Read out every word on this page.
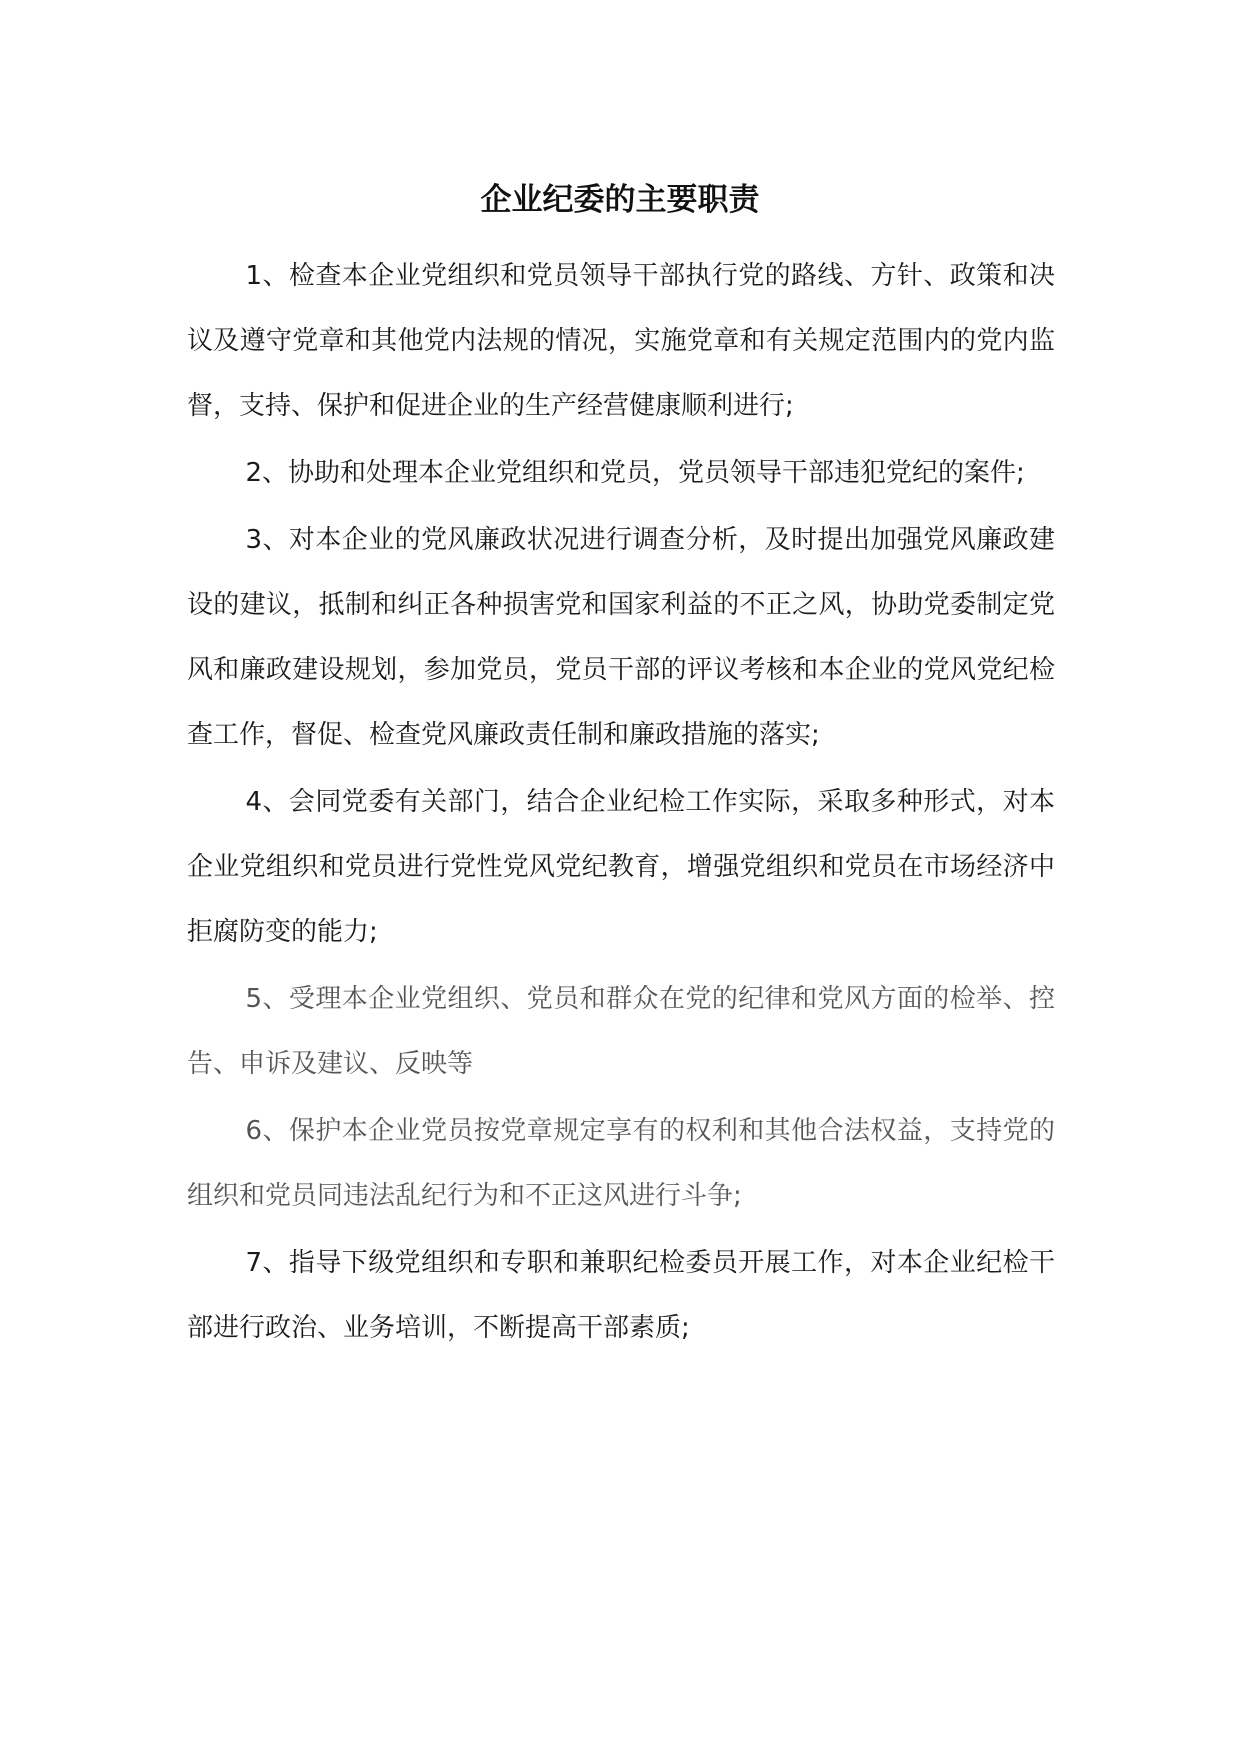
企业纪委的主要职责

1、检查本企业党组织和党员领导干部执行党的路线、方针、政策和决议及遵守党章和其他党内法规的情况，实施党章和有关规定范围内的党内监督，支持、保护和促进企业的生产经营健康顺利进行;

2、协助和处理本企业党组织和党员，党员领导干部违犯党纪的案件;

3、对本企业的党风廉政状况进行调查分析，及时提出加强党风廉政建设的建议，抵制和纠正各种损害党和国家利益的不正之风，协助党委制定党风和廉政建设规划，参加党员，党员干部的评议考核和本企业的党风党纪检查工作，督促、检查党风廉政责任制和廉政措施的落实;

4、会同党委有关部门，结合企业纪检工作实际，采取多种形式，对本企业党组织和党员进行党性党风党纪教育，增强党组织和党员在市场经济中拒腐防变的能力;

5、受理本企业党组织、党员和群众在党的纪律和党风方面的检举、控告、申诉及建议、反映等

6、保护本企业党员按党章规定享有的权利和其他合法权益，支持党的组织和党员同违法乱纪行为和不正这风进行斗争;

7、指导下级党组织和专职和兼职纪检委员开展工作，对本企业纪检干部进行政治、业务培训，不断提高干部素质;
